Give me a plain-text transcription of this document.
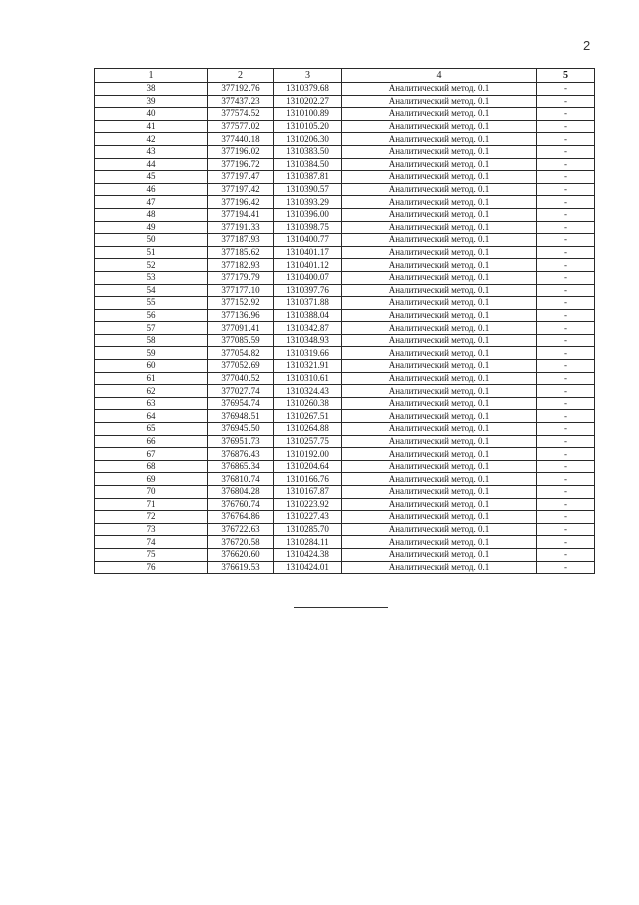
2
1	2	3	4	5
38	377192.76	1310379.68	Аналитический метод. 0.1	-
39	377437.23	1310202.27	Аналитический метод. 0.1	-
40	377574.52	1310100.89	Аналитический метод. 0.1	-
41	377577.02	1310105.20	Аналитический метод. 0.1	-
42	377440.18	1310206.30	Аналитический метод. 0.1	-
43	377196.02	1310383.50	Аналитический метод. 0.1	-
44	377196.72	1310384.50	Аналитический метод. 0.1	-
45	377197.47	1310387.81	Аналитический метод. 0.1	-
46	377197.42	1310390.57	Аналитический метод. 0.1	-
47	377196.42	1310393.29	Аналитический метод. 0.1	-
48	377194.41	1310396.00	Аналитический метод. 0.1	-
49	377191.33	1310398.75	Аналитический метод. 0.1	-
50	377187.93	1310400.77	Аналитический метод. 0.1	-
51	377185.62	1310401.17	Аналитический метод. 0.1	-
52	377182.93	1310401.12	Аналитический метод. 0.1	-
53	377179.79	1310400.07	Аналитический метод. 0.1	-
54	377177.10	1310397.76	Аналитический метод. 0.1	-
55	377152.92	1310371.88	Аналитический метод. 0.1	-
56	377136.96	1310388.04	Аналитический метод. 0.1	-
57	377091.41	1310342.87	Аналитический метод. 0.1	-
58	377085.59	1310348.93	Аналитический метод. 0.1	-
59	377054.82	1310319.66	Аналитический метод. 0.1	-
60	377052.69	1310321.91	Аналитический метод. 0.1	-
61	377040.52	1310310.61	Аналитический метод. 0.1	-
62	377027.74	1310324.43	Аналитический метод. 0.1	-
63	376954.74	1310260.38	Аналитический метод. 0.1	-
64	376948.51	1310267.51	Аналитический метод. 0.1	-
65	376945.50	1310264.88	Аналитический метод. 0.1	-
66	376951.73	1310257.75	Аналитический метод. 0.1	-
67	376876.43	1310192.00	Аналитический метод. 0.1	-
68	376865.34	1310204.64	Аналитический метод. 0.1	-
69	376810.74	1310166.76	Аналитический метод. 0.1	-
70	376804.28	1310167.87	Аналитический метод. 0.1	-
71	376760.74	1310223.92	Аналитический метод. 0.1	-
72	376764.86	1310227.43	Аналитический метод. 0.1	-
73	376722.63	1310285.70	Аналитический метод. 0.1	-
74	376720.58	1310284.11	Аналитический метод. 0.1	-
75	376620.60	1310424.38	Аналитический метод. 0.1	-
76	376619.53	1310424.01	Аналитический метод. 0.1	-
